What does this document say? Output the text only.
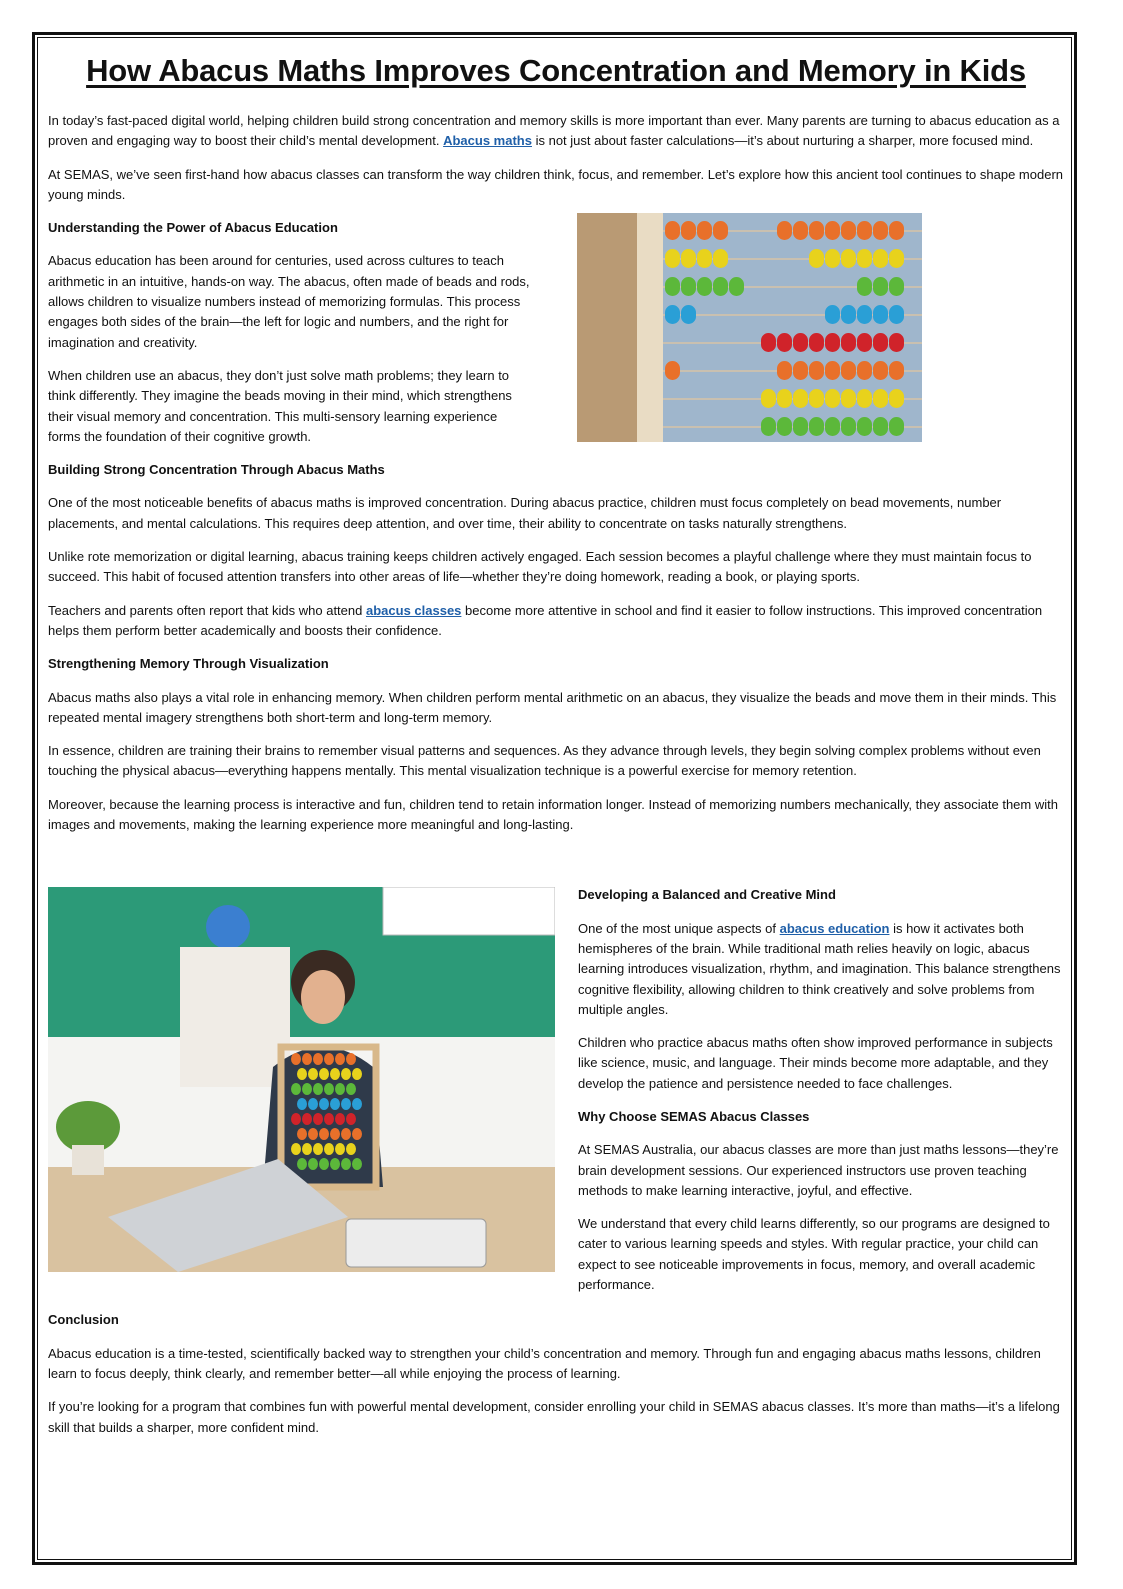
How Abacus Maths Improves Concentration and Memory in Kids

In today’s fast-paced digital world, helping children build strong concentration and memory skills is more important than ever. Many parents are turning to abacus education as a proven and engaging way to boost their child’s mental development. Abacus maths is not just about faster calculations—it’s about nurturing a sharper, more focused mind.

At SEMAS, we’ve seen first-hand how abacus classes can transform the way children think, focus, and remember. Let’s explore how this ancient tool continues to shape modern young minds.

Understanding the Power of Abacus Education

Abacus education has been around for centuries, used across cultures to teach arithmetic in an intuitive, hands-on way. The abacus, often made of beads and rods, allows children to visualize numbers instead of memorizing formulas. This process engages both sides of the brain—the left for logic and numbers, and the right for imagination and creativity.

When children use an abacus, they don’t just solve math problems; they learn to think differently. They imagine the beads moving in their mind, which strengthens their visual memory and concentration. This multi-sensory learning experience forms the foundation of their cognitive growth.

Building Strong Concentration Through Abacus Maths

One of the most noticeable benefits of abacus maths is improved concentration. During abacus practice, children must focus completely on bead movements, number placements, and mental calculations. This requires deep attention, and over time, their ability to concentrate on tasks naturally strengthens.

Unlike rote memorization or digital learning, abacus training keeps children actively engaged. Each session becomes a playful challenge where they must maintain focus to succeed. This habit of focused attention transfers into other areas of life—whether they’re doing homework, reading a book, or playing sports.

Teachers and parents often report that kids who attend abacus classes become more attentive in school and find it easier to follow instructions. This improved concentration helps them perform better academically and boosts their confidence.

Strengthening Memory Through Visualization

Abacus maths also plays a vital role in enhancing memory. When children perform mental arithmetic on an abacus, they visualize the beads and move them in their minds. This repeated mental imagery strengthens both short-term and long-term memory.

In essence, children are training their brains to remember visual patterns and sequences. As they advance through levels, they begin solving complex problems without even touching the physical abacus—everything happens mentally. This mental visualization technique is a powerful exercise for memory retention.

Moreover, because the learning process is interactive and fun, children tend to retain information longer. Instead of memorizing numbers mechanically, they associate them with images and movements, making the learning experience more meaningful and long-lasting.

Developing a Balanced and Creative Mind

One of the most unique aspects of abacus education is how it activates both hemispheres of the brain. While traditional math relies heavily on logic, abacus learning introduces visualization, rhythm, and imagination. This balance strengthens cognitive flexibility, allowing children to think creatively and solve problems from multiple angles.

Children who practice abacus maths often show improved performance in subjects like science, music, and language. Their minds become more adaptable, and they develop the patience and persistence needed to face challenges.

Why Choose SEMAS Abacus Classes

At SEMAS Australia, our abacus classes are more than just maths lessons—they’re brain development sessions. Our experienced instructors use proven teaching methods to make learning interactive, joyful, and effective.

We understand that every child learns differently, so our programs are designed to cater to various learning speeds and styles. With regular practice, your child can expect to see noticeable improvements in focus, memory, and overall academic performance.

Conclusion

Abacus education is a time-tested, scientifically backed way to strengthen your child’s concentration and memory. Through fun and engaging abacus maths lessons, children learn to focus deeply, think clearly, and remember better—all while enjoying the process of learning.

If you’re looking for a program that combines fun with powerful mental development, consider enrolling your child in SEMAS abacus classes. It’s more than maths—it’s a lifelong skill that builds a sharper, more confident mind.
